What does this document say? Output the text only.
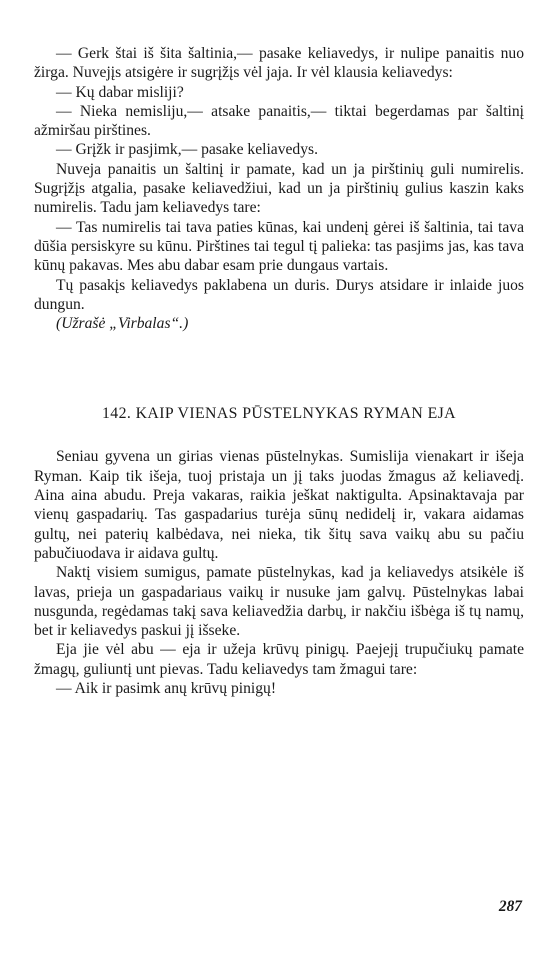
— Gerk štai iš šita šaltinia,— pasake keliavedys, ir nulipe panaitis nuo žirga. Nuvejįs atsigėre ir sugrįžįs vėl jaja. Ir vėl klausia keliavedys:

— Kų dabar misliji?

— Nieka nemisliju,— atsake panaitis,— tiktai begerdamas par šaltinį ažmiršau pirštines.

— Grįžk ir pasjimk,— pasake keliavedys.

Nuveja panaitis un šaltinį ir pamate, kad un ja pirštinių guli numirelis. Sugrįžįs atgalia, pasake keliavedžiui, kad un ja pirštinių gulius kaszin kaks numirelis. Tadu jam keliavedys tare:

— Tas numirelis tai tava paties kūnas, kai undenį gėrei iš šaltinia, tai tava dūšia persiskyre su kūnu. Pirštines tai tegul tį palieka: tas pasjims jas, kas tava kūnų pakavas. Mes abu dabar esam prie dungaus vartais.

Tų pasakįs keliavedys paklabena un duris. Durys atsidare ir inlaide juos dungun.

(Užrašė „Virbalas“.)

142. KAIP VIENAS PŪSTELNYKAS RYMAN EJA

Seniau gyvena un girias vienas pūstelnykas. Sumislija vienakart ir išeja Ryman. Kaip tik išeja, tuoj pristaja un jį taks juodas žmagus až keliavedį. Aina aina abudu. Preja vakaras, raikia ješkat naktigulta. Apsinaktavaja par vienų gaspadarių. Tas gaspadarius turėja sūnų nedidelį ir, vakara aidamas gultų, nei paterių kalbėdava, nei nieka, tik šitų sava vaikų abu su pačiu pabučiuodava ir aidava gultų.

Naktį visiem sumigus, pamate pūstelnykas, kad ja keliavedys atsikėle iš lavas, prieja un gaspadariaus vaikų ir nusuke jam galvų. Pūstelnykas labai nusgunda, regėdamas takį sava keliavedžia darbų, ir nakčiu išbėga iš tų namų, bet ir keliavedys paskui jį išseke.

Eja jie vėl abu — eja ir užeja krūvų pinigų. Paejejį trupučiukų pamate žmagų, guliuntį unt pievas. Tadu keliavedys tam žmagui tare:

— Aik ir pasimk anų krūvų pinigų!

287
